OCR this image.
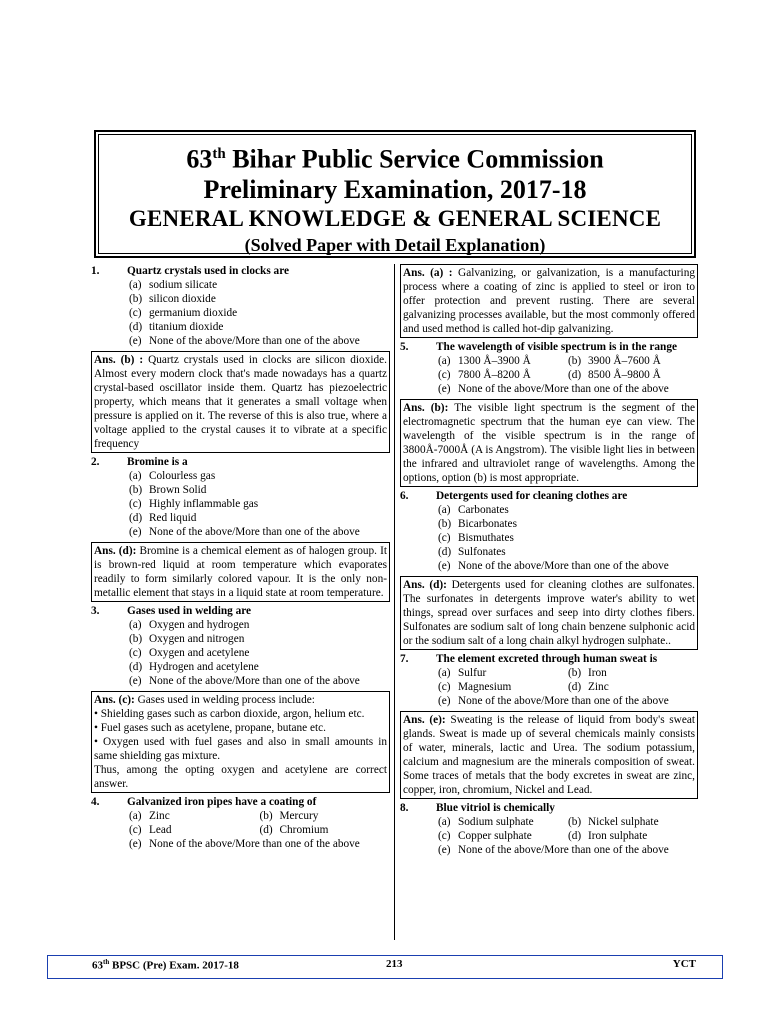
63th Bihar Public Service Commission
Preliminary Examination, 2017-18
GENERAL KNOWLEDGE & GENERAL SCIENCE
(Solved Paper with Detail Explanation)
1.	Quartz crystals used in clocks are
(a) sodium silicate
(b) silicon dioxide
(c) germanium dioxide
(d) titanium dioxide
(e) None of the above/More than one of the above
Ans. (b) : Quartz crystals used in clocks are silicon dioxide. Almost every modern clock that's made nowadays has a quartz crystal-based oscillator inside them. Quartz has piezoelectric property, which means that it generates a small voltage when pressure is applied on it. The reverse of this is also true, where a voltage applied to the crystal causes it to vibrate at a specific frequency
2.	Bromine is a
(a) Colourless gas
(b) Brown Solid
(c) Highly inflammable gas
(d) Red liquid
(e) None of the above/More than one of the above
Ans. (d): Bromine is a chemical element as of halogen group. It is brown-red liquid at room temperature which evaporates readily to form similarly colored vapour. It is the only non-metallic element that stays in a liquid state at room temperature.
3.	Gases used in welding are
(a) Oxygen and hydrogen
(b) Oxygen and nitrogen
(c) Oxygen and acetylene
(d) Hydrogen and acetylene
(e) None of the above/More than one of the above

Ans. (c): Gases used in welding process include:

• Shielding gases such as carbon dioxide, argon, helium etc.

• Fuel gases such as acetylene, propane, butane etc.

• Oxygen used with fuel gases and also in small amounts in same shielding gas mixture.

Thus, among the opting oxygen and acetylene are correct answer.

4.	Galvanized iron pipes have a coating of
(a) Zinc	(b) Mercury
(c) Lead	(d) Chromium
(e) None of the above/More than one of the above
Ans. (a) : Galvanizing, or galvanization, is a manufacturing process where a coating of zinc is applied to steel or iron to offer protection and prevent rusting. There are several galvanizing processes available, but the most commonly offered and used method is called hot-dip galvanizing.
5.	The wavelength of visible spectrum is in the range
(a) 1300 Å–3900 Å	(b) 3900 Å–7600 Å
(c) 7800 Å–8200 Å	(d) 8500 Å–9800 Å
(e) None of the above/More than one of the above
Ans. (b): The visible light spectrum is the segment of the electromagnetic spectrum that the human eye can view. The wavelength of the visible spectrum is in the range of 3800Å-7000Å (A is Angstrom). The visible light lies in between the infrared and ultraviolet range of wavelengths. Among the options, option (b) is most appropriate.
6.	Detergents used for cleaning clothes are
(a) Carbonates
(b) Bicarbonates
(c) Bismuthates
(d) Sulfonates
(e) None of the above/More than one of the above
Ans. (d): Detergents used for cleaning clothes are sulfonates. The surfonates in detergents improve water's ability to wet things, spread over surfaces and seep into dirty clothes fibers. Sulfonates are sodium salt of long chain benzene sulphonic acid or the sodium salt of a long chain alkyl hydrogen sulphate..
7.	The element excreted through human sweat is
(a) Sulfur	(b) Iron
(c) Magnesium	(d) Zinc
(e) None of the above/More than one of the above
Ans. (e): Sweating is the release of liquid from body's sweat glands. Sweat is made up of several chemicals mainly consists of water, minerals, lactic and Urea. The sodium potassium, calcium and magnesium are the minerals composition of sweat. Some traces of metals that the body excretes in sweat are zinc, copper, iron, chromium, Nickel and Lead.
8.	Blue vitriol is chemically
(a) Sodium sulphate	(b) Nickel sulphate
(c) Copper sulphate	(d) Iron sulphate
(e) None of the above/More than one of the above
63th BPSC (Pre) Exam. 2017-18	213	YCT
